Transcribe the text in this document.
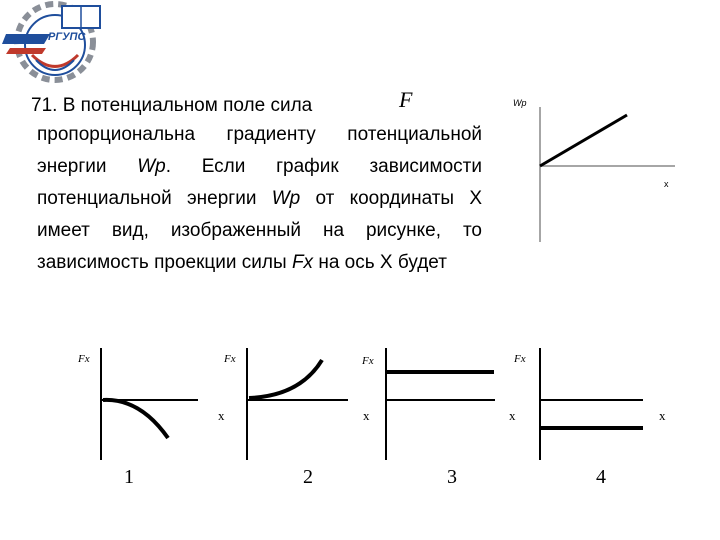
РГУПС
71. В потенциальном поле сила	F
пропорциональна градиенту потенциальной энергии Wp. Если график зависимости потенциальной энергии Wp от координаты Х имеет вид, изображенный на рисунке, то зависимость проекции силы Fx на ось Х будет
Wp
x
Fx
x
Fx
x
Fx
x
Fx
x
1	2	3	4
